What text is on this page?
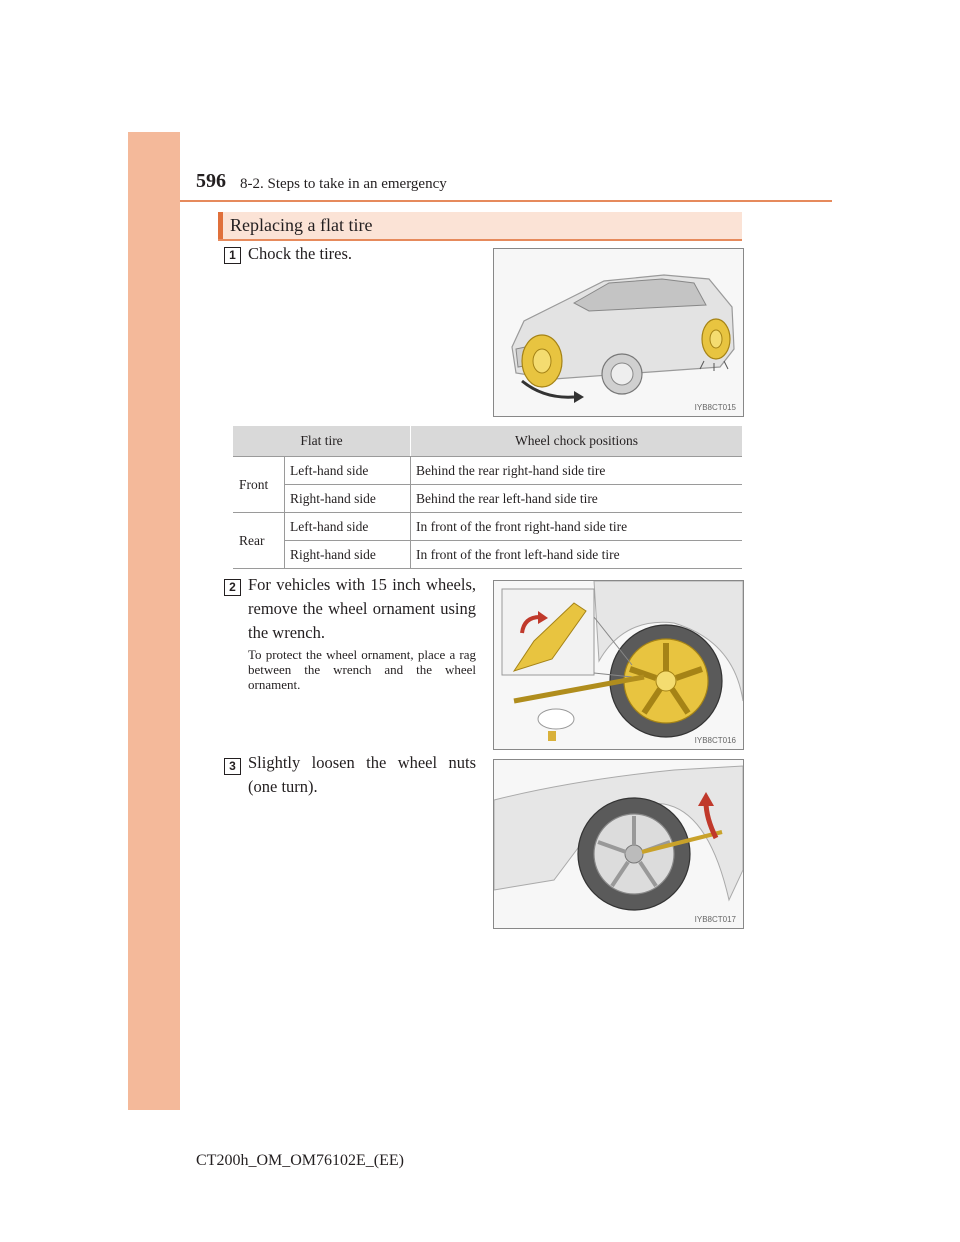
596 8-2. Steps to take in an emergency
Replacing a flat tire
1 Chock the tires.
IYB8CT015
Flat tire		Wheel chock positions
Front	Left-hand side	Behind the rear right-hand side tire
	Right-hand side	Behind the rear left-hand side tire
Rear	Left-hand side	In front of the front right-hand side tire
	Right-hand side	In front of the front left-hand side tire
2 For vehicles with 15 inch wheels, remove the wheel ornament using the wrench.
To protect the wheel ornament, place a rag between the wrench and the wheel ornament.
IYB8CT016
3 Slightly loosen the wheel nuts (one turn).
IYB8CT017
CT200h_OM_OM76102E_(EE)
